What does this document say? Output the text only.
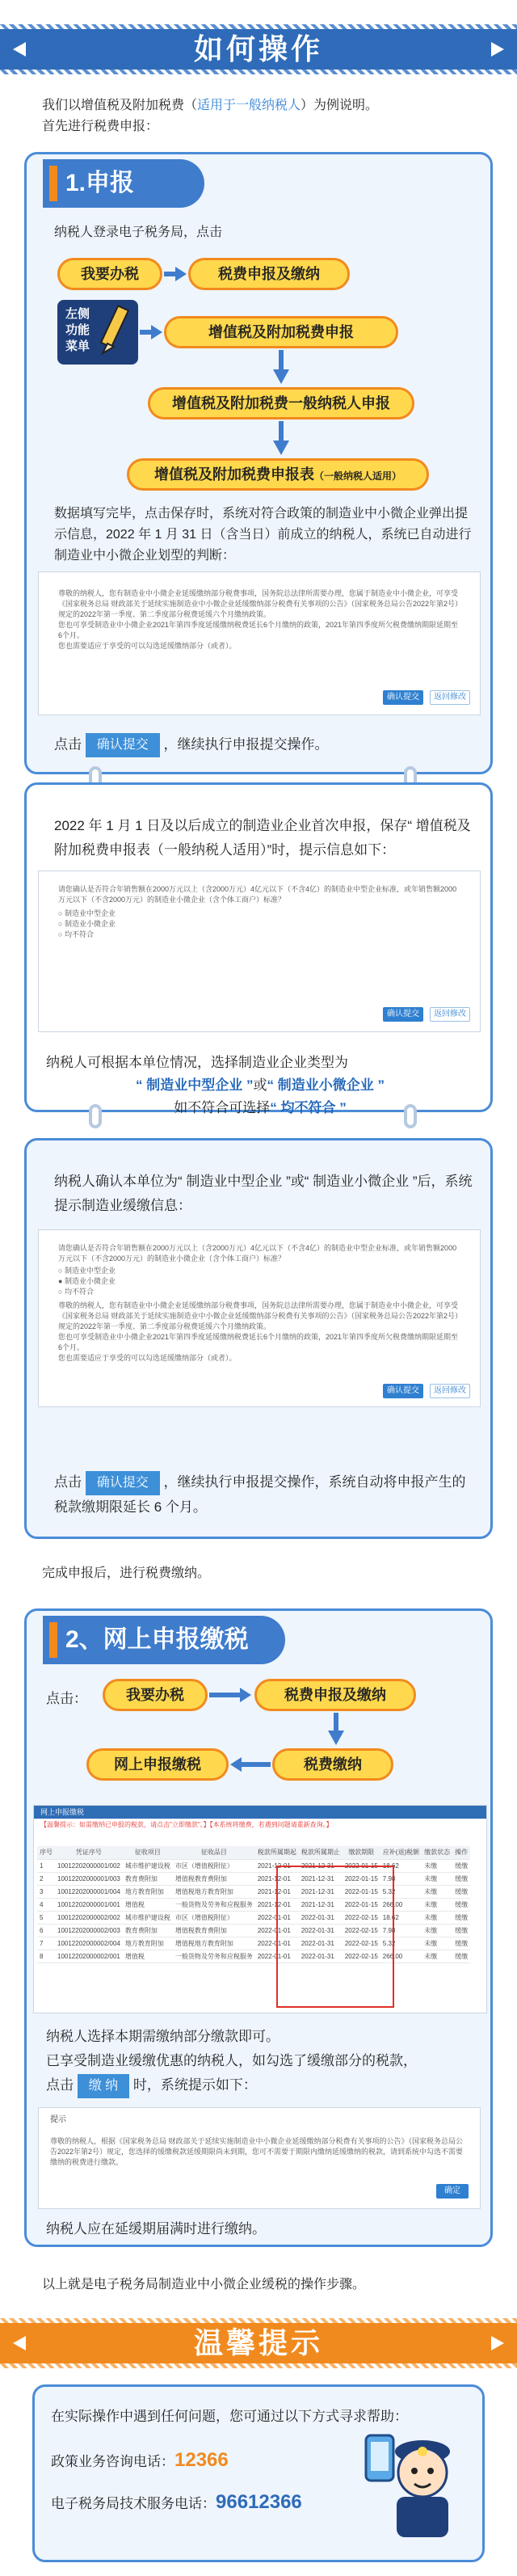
如何操作
我们以增值税及附加税费（适用于一般纳税人）为例说明。
首先进行税费申报：
1.申报
纳税人登录电子税务局，点击
我要办税	税费申报及缴纳
左侧功能菜单
增值税及附加税费申报
增值税及附加税费一般纳税人申报
增值税及附加税费申报表（一般纳税人适用）
数据填写完毕，点击保存时，系统对符合政策的制造业中小微企业弹出提示信息，2022 年 1 月 31 日（含当日）前成立的纳税人，系统已自动进行制造业中小微企业划型的判断：
尊敬的纳税人，您有制造业中小微企业延缓缴纳部分税费事项，国务院总法律所需要办理，您属于制造业中小微企业，可享受《国家税务总局 财政部关于延续实施制造业中小微企业延缓缴纳部分税费有关事项的公告》（国家税务总局公告2022年第2号）规定的2022年第一季度、第二季度部分税费延缓六个月缴纳政策。
您也可享受制造业中小微企业2021年第四季度延缓缴纳税费延长6个月缴纳的政策，2021年第四季度所欠税费缴纳期限延期至6个月。
您也需要适应于享受的可以勾选延缓缴纳部分（或者）。
确认提交	返回修改
点击 确认提交 ，继续执行申报提交操作。
2022 年 1 月 1 日及以后成立的制造业企业首次申报，保存“ 增值税及附加税费申报表（一般纳税人适用）”时，提示信息如下：
请您确认是否符合年销售额在2000万元以上（含2000万元）4亿元以下（不含4亿）的制造业中型企业标准，或年销售额2000万元以下（不含2000万元）的制造业小微企业（含个体工商户）标准？
○ 制造业中型企业
○ 制造业小微企业
○ 均不符合
确认提交	返回修改
纳税人可根据本单位情况，选择制造业企业类型为
“ 制造业中型企业 ”或“ 制造业小微企业 ”
如不符合可选择“ 均不符合 ”
纳税人确认本单位为“ 制造业中型企业 ”或“ 制造业小微企业 ”后，系统提示制造业缓缴信息：
请您确认是否符合年销售额在2000万元以上（含2000万元）4亿元以下（不含4亿）的制造业中型企业标准，或年销售额2000万元以下（不含2000万元）的制造业小微企业（含个体工商户）标准？
○ 制造业中型企业
● 制造业小微企业
○ 均不符合
尊敬的纳税人，您有制造业中小微企业延缓缴纳部分税费事项，国务院总法律所需要办理，您属于制造业中小微企业，可享受《国家税务总局 财政部关于延续实施制造业中小微企业延缓缴纳部分税费有关事项的公告》（国家税务总局公告2022年第2号）规定的2022年第一季度、第二季度部分税费延缓六个月缴纳政策。
您也可享受制造业中小微企业2021年第四季度延缓缴纳税费延长6个月缴纳的政策，2021年第四季度所欠税费缴纳期限延期至6个月。
您也需要适应于享受的可以勾选延缓缴纳部分（或者）。
确认提交	返回修改
点击 确认提交 ，继续执行申报提交操作，系统自动将申报产生的税款缴期限延长 6 个月。
完成申报后，进行税费缴纳。
2、网上申报缴税
点击：	我要办税	税费申报及缴纳
税费缴纳
网上申报缴税
网上申报缴税
【温馨提示：如需缴纳已申报的税款，请点击"立即缴款"。】【本系统将缴费，若遇到问题请重新查询。】
序号	凭证序号	征收项目	征收品目	税款所属期起	税款所属期止	缴款期限	应补(退)税额	缴款状态	操作
1	10012202000001/002	城市维护建设税	市区（增值税附征）	2021-12-01	2021-12-31	2022-01-15	18.62	未缴	缓缴
2	10012202000001/003	教育费附加	增值税教育费附加	2021-12-01	2021-12-31	2022-01-15	7.98	未缴	缓缴
3	10012202000001/004	地方教育附加	增值税地方教育附加	2021-12-01	2021-12-31	2022-01-15	5.32	未缴	缓缴
4	10012202000001/001	增值税	一般货物及劳务和应税服务	2021-12-01	2021-12-31	2022-01-15	266.00	未缴	缓缴
5	10012202000002/002	城市维护建设税	市区（增值税附征）	2022-01-01	2022-01-31	2022-02-15	18.62	未缴	缓缴
6	10012202000002/003	教育费附加	增值税教育费附加	2022-01-01	2022-01-31	2022-02-15	7.98	未缴	缓缴
7	10012202000002/004	地方教育附加	增值税地方教育附加	2022-01-01	2022-01-31	2022-02-15	5.32	未缴	缓缴
8	10012202000002/001	增值税	一般货物及劳务和应税服务	2022-01-01	2022-01-31	2022-02-15	266.00	未缴	缓缴
纳税人选择本期需缴纳部分缴款即可。
已享受制造业缓缴优惠的纳税人，如勾选了缓缴部分的税款，
点击 缴 纳 时，系统提示如下：
提示
尊敬的纳税人，根据《国家税务总局 财政部关于延续实施制造业中小微企业延缓缴纳部分税费有关事项的公告》（国家税务总局公告2022年第2号）规定，您选择的缓缴税款延缓期限尚未到期，您可不需要于期限内缴纳延缓缴纳的税款，请到系统中勾选不需要缴纳的税费进行缴款。
确定
纳税人应在延缓期届满时进行缴纳。
以上就是电子税务局制造业中小微企业缓税的操作步骤。
温馨提示
在实际操作中遇到任何问题，您可通过以下方式寻求帮助：
政策业务咨询电话：12366
电子税务局技术服务电话：96612366
